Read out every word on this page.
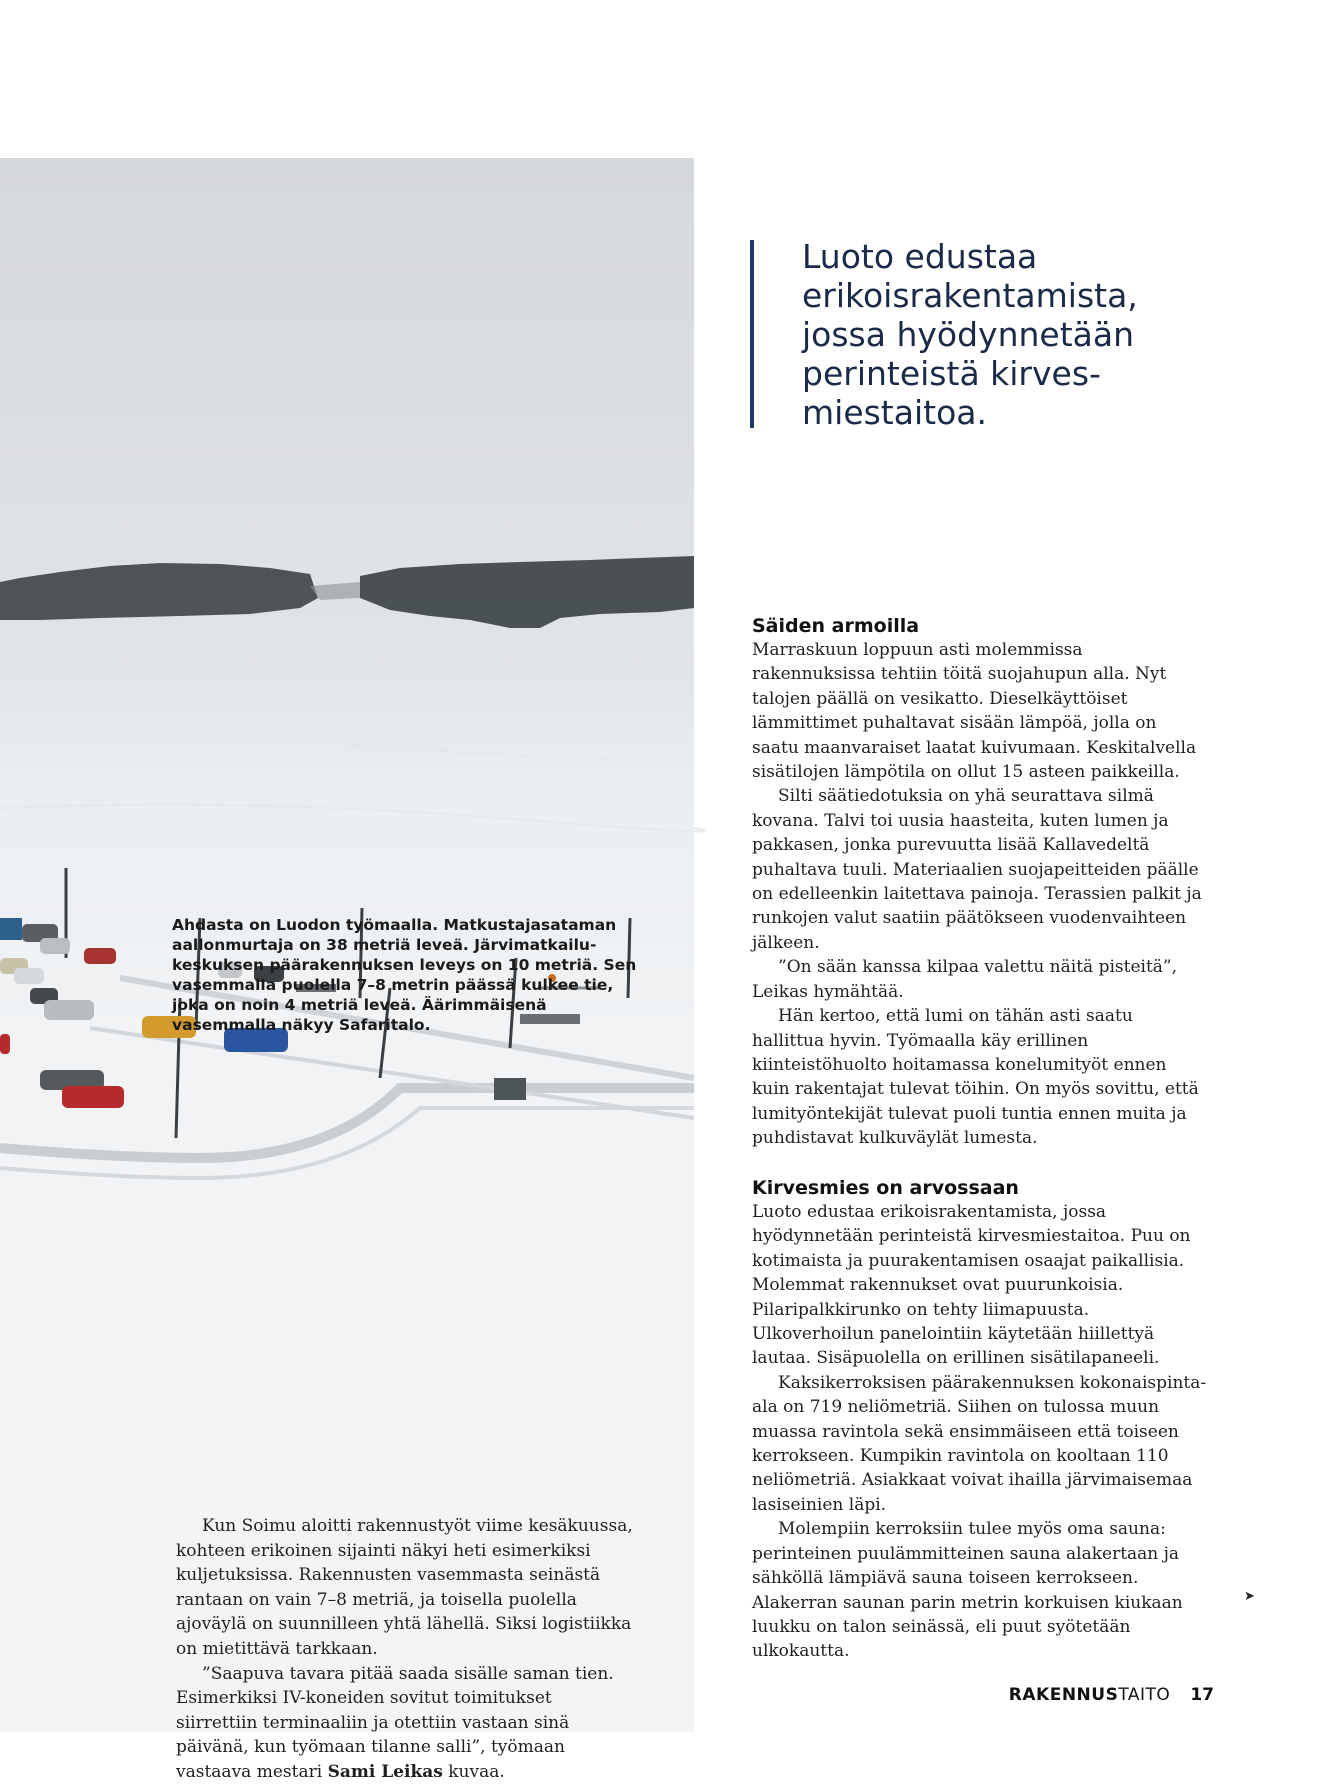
Ahdasta on Luodon työmaalla. Matkustajasataman aallonmurtaja on 38 metriä leveä. Järvimatkailukeskuksen päärakennuksen leveys on 10 metriä. Sen vasemmalla puolella 7–8 metrin päässä kulkee tie, joka on noin 4 metriä leveä. Äärimmäisenä vasemmalla näkyy Safaritalo.

Kun Soimu aloitti rakennustyöt viime kesäkuussa, kohteen erikoinen sijainti näkyi heti esimerkiksi kuljetuksissa. Rakennusten vasemmasta seinästä rantaan on vain 7–8 metriä, ja toisella puolella ajoväylä on suunnilleen yhtä lähellä. Siksi logistiikka on mietittävä tarkkaan.

”Saapuva tavara pitää saada sisälle saman tien. Esimerkiksi IV-koneiden sovitut toimitukset siirrettiin terminaaliin ja otettiin vastaan sinä päivänä, kun työmaan tilanne salli”, työmaan vastaava mestari Sami Leikas kuvaa.

Luoto edustaa
erikoisrakentamista,
jossa hyödynnetään
perinteistä kirves-
miestaitoa.
Säiden armoilla

Marraskuun loppuun asti molemmissa rakennuksissa tehtiin töitä suojahupun alla. Nyt talojen päällä on vesikatto. Dieselkäyttöiset lämmittimet puhaltavat sisään lämpöä, jolla on saatu maanvaraiset laatat kuivumaan. Keskitalvella sisätilojen lämpötila on ollut 15 asteen paikkeilla.

Silti säätiedotuksia on yhä seurattava silmä kovana. Talvi toi uusia haasteita, kuten lumen ja pakkasen, jonka purevuutta lisää Kallavedeltä puhaltava tuuli. Materiaalien suojapeitteiden päälle on edelleenkin laitettava painoja. Terassien palkit ja runkojen valut saatiin päätökseen vuodenvaihteen jälkeen.

”On sään kanssa kilpaa valettu näitä pisteitä”, Leikas hymähtää.

Hän kertoo, että lumi on tähän asti saatu hallittua hyvin. Työmaalla käy erillinen kiinteistöhuolto hoitamassa konelumityöt ennen kuin rakentajat tulevat töihin. On myös sovittu, että lumityöntekijät tulevat puoli tuntia ennen muita ja puhdistavat kulkuväylät lumesta.

Kirvesmies on arvossaan

Luoto edustaa erikoisrakentamista, jossa hyödynnetään perinteistä kirvesmiestaitoa. Puu on kotimaista ja puurakentamisen osaajat paikallisia. Molemmat rakennukset ovat puurunkoisia. Pilaripalkkirunko on tehty liimapuusta. Ulkoverhoilun panelointiin käytetään hiillettyä lautaa. Sisäpuolella on erillinen sisätilapaneeli.

Kaksikerroksisen päärakennuksen kokonaispinta-ala on 719 neliömetriä. Siihen on tulossa muun muassa ravintola sekä ensimmäiseen että toiseen kerrokseen. Kumpikin ravintola on kooltaan 110 neliömetriä. Asiakkaat voivat ihailla järvimaisemaa lasiseinien läpi.

Molempiin kerroksiin tulee myös oma sauna: perinteinen puulämmitteinen sauna alakertaan ja sähköllä lämpiävä sauna toiseen kerrokseen. Alakerran saunan parin metrin korkuisen kiukaan luukku on talon seinässä, eli puut syötetään ulkokautta.

➤
RAKENNUS TAITO 17
